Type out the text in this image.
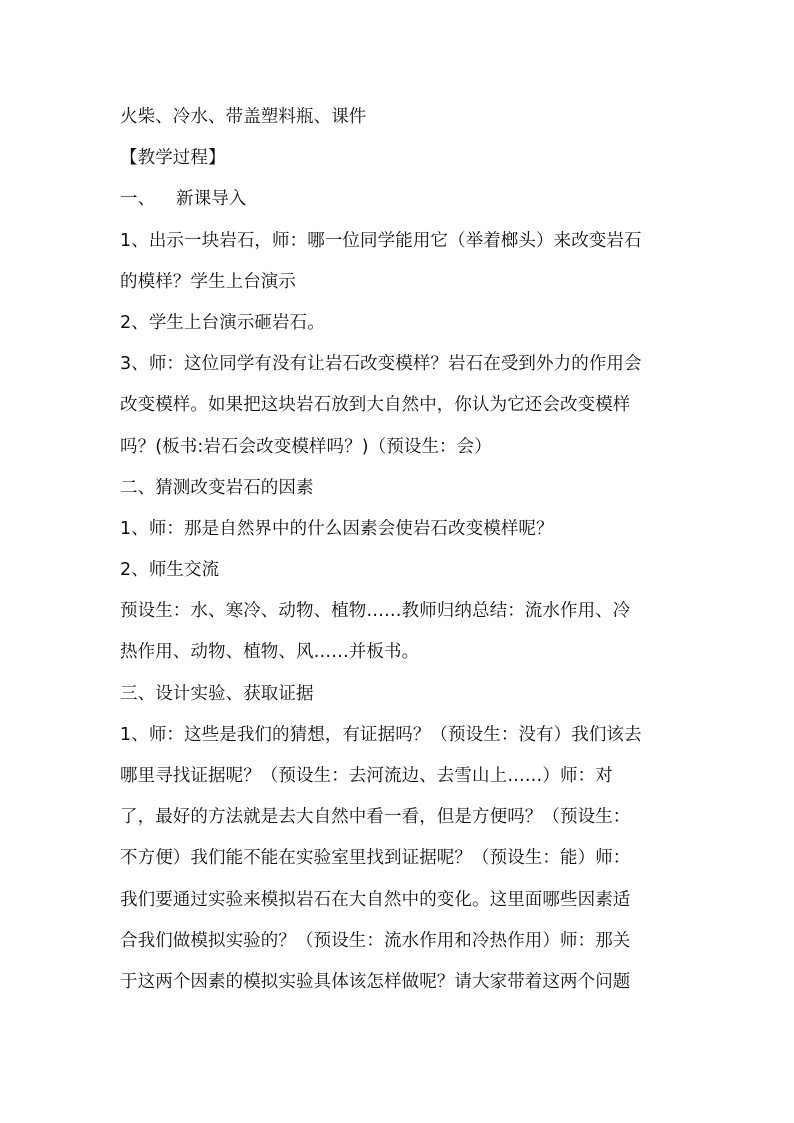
火柴、冷水、带盖塑料瓶、课件
【教学过程】
一、 新课导入
1、出示一块岩石，师：哪一位同学能用它（举着榔头）来改变岩石
的模样？学生上台演示
2、学生上台演示砸岩石。
3、师：这位同学有没有让岩石改变模样？岩石在受到外力的作用会
改变模样。如果把这块岩石放到大自然中，你认为它还会改变模样
吗？(板书:岩石会改变模样吗？)（预设生：会）
二、猜测改变岩石的因素
1、师：那是自然界中的什么因素会使岩石改变模样呢？
2、师生交流
预设生：水、寒冷、动物、植物……教师归纳总结：流水作用、冷
热作用、动物、植物、风……并板书。
三、设计实验、获取证据
1、师：这些是我们的猜想，有证据吗？（预设生：没有）我们该去
哪里寻找证据呢？（预设生：去河流边、去雪山上……）师：对
了，最好的方法就是去大自然中看一看，但是方便吗？（预设生：
不方便）我们能不能在实验室里找到证据呢？（预设生：能）师：
我们要通过实验来模拟岩石在大自然中的变化。这里面哪些因素适
合我们做模拟实验的？（预设生：流水作用和冷热作用）师：那关
于这两个因素的模拟实验具体该怎样做呢？请大家带着这两个问题
